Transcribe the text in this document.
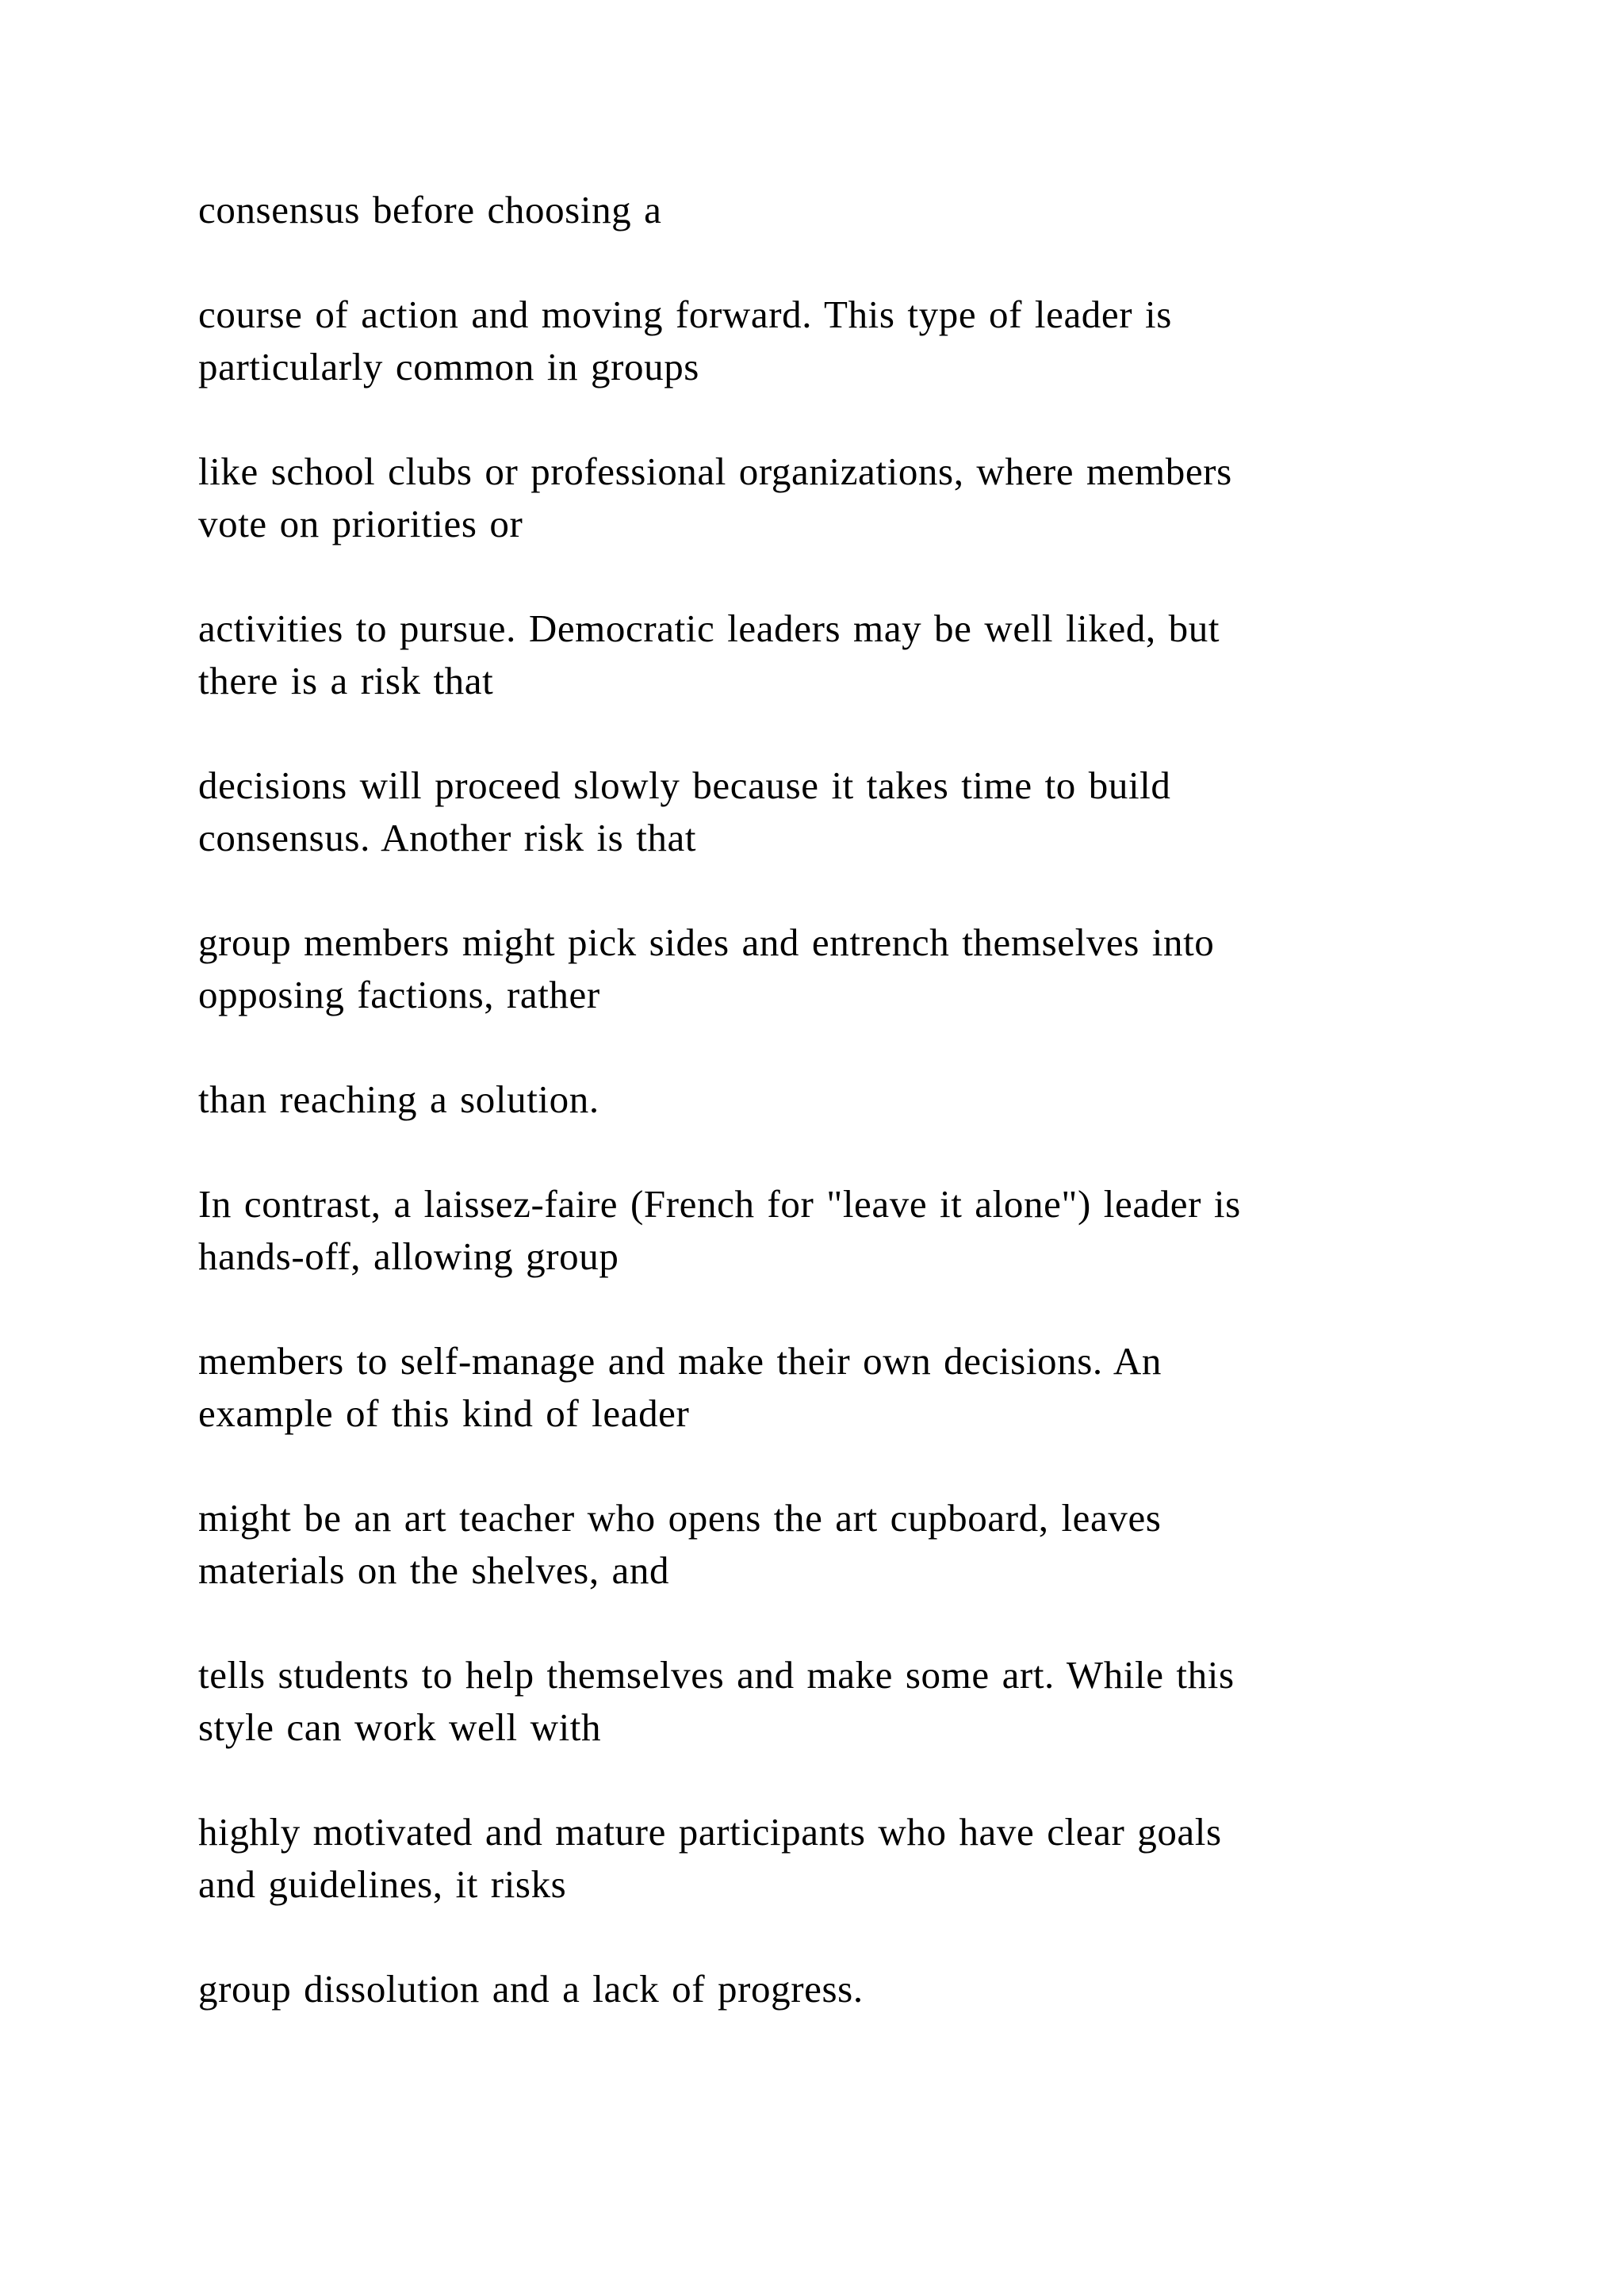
consensus before choosing a

course of action and moving forward. This type of leader is
particularly common in groups

like school clubs or professional organizations, where members
vote on priorities or

activities to pursue. Democratic leaders may be well liked, but
there is a risk that

decisions will proceed slowly because it takes time to build
consensus. Another risk is that

group members might pick sides and entrench themselves into
opposing factions, rather

than reaching a solution.

In contrast, a laissez-faire (French for "leave it alone") leader is
hands-off, allowing group

members to self-manage and make their own decisions. An
example of this kind of leader

might be an art teacher who opens the art cupboard, leaves
materials on the shelves, and

tells students to help themselves and make some art. While this
style can work well with

highly motivated and mature participants who have clear goals
and guidelines, it risks

group dissolution and a lack of progress.
